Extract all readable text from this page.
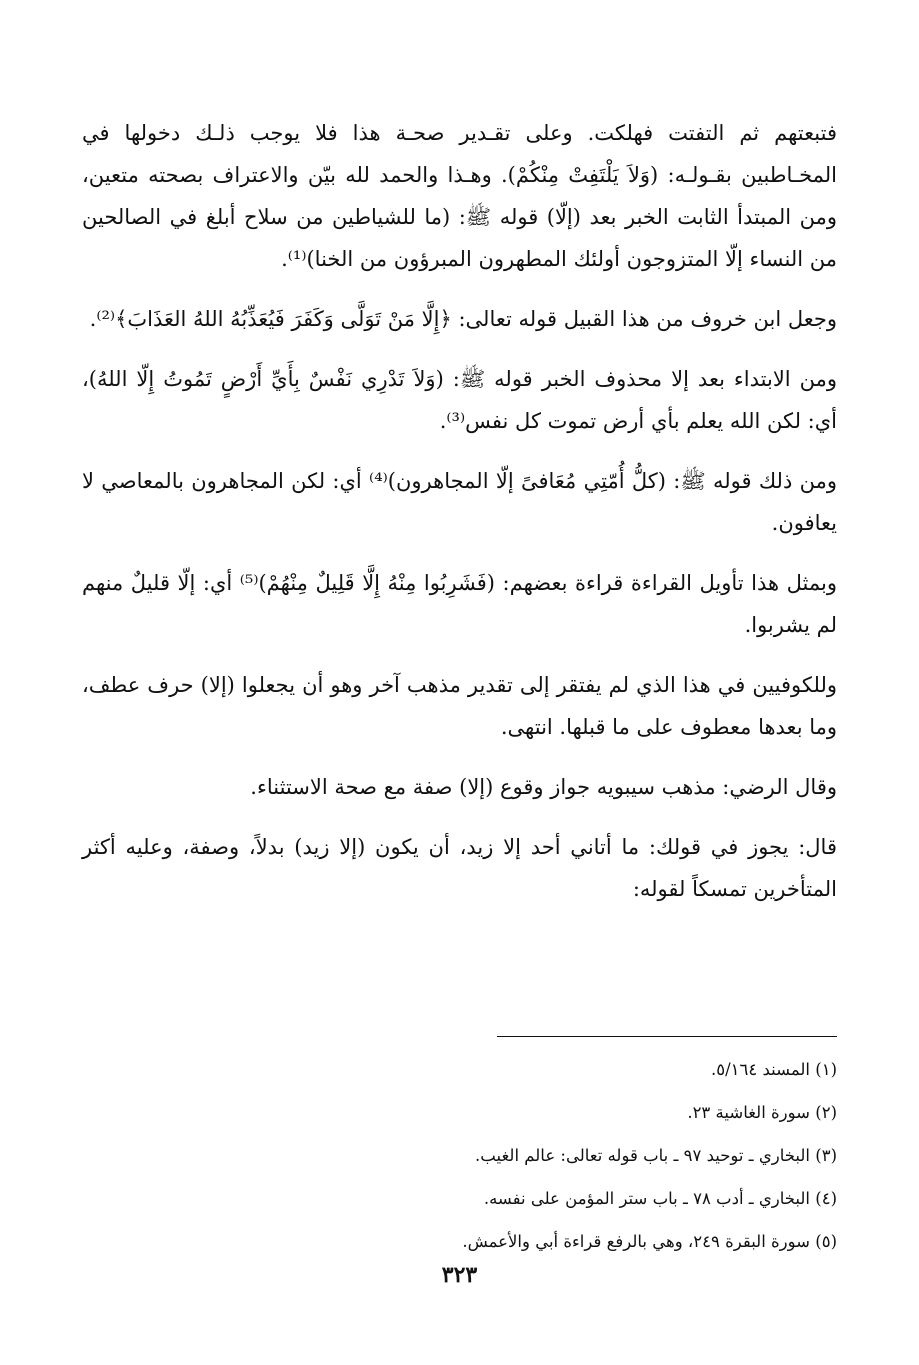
فتبعتهم ثم التفتت فهلكت. وعلى تقـدير صحـة هذا فلا يوجب ذلـك دخولها في المخـاطبين بقـولـه: (وَلاَ يَلْتَفِتْ مِنْكُمْ). وهـذا والحمد لله بيّن والاعتراف بصحته متعين، ومن المبتدأ الثابت الخبر بعد (إلّا) قوله ﷺ: (ما للشياطين من سلاح أبلغ في الصالحين من النساء إلّا المتزوجون أولئك المطهرون المبرؤون من الخنا)⁽¹⁾.

وجعل ابن خروف من هذا القبيل قوله تعالى: ﴿إِلَّا مَنْ تَوَلَّى وَكَفَرَ فَيُعَذِّبُهُ اللهُ العَذَابَ﴾⁽²⁾.

ومن الابتداء بعد إلا محذوف الخبر قوله ﷺ: (وَلاَ تَدْرِي نَفْسٌ بِأَيِّ أَرْضٍ تَمُوتُ إِلّا اللهُ)، أي: لكن الله يعلم بأي أرض تموت كل نفس⁽³⁾.

ومن ذلك قوله ﷺ: (كلُّ أُمّتِي مُعَافىً إلّا المجاهرون)⁽⁴⁾ أي: لكن المجاهرون بالمعاصي لا يعافون.

وبمثل هذا تأويل القراءة قراءة بعضهم: (فَشَرِبُوا مِنْهُ إِلَّا قَلِيلٌ مِنْهُمْ)⁽⁵⁾ أي: إلّا قليلٌ منهم لم يشربوا.

وللكوفيين في هذا الذي لم يفتقر إلى تقدير مذهب آخر وهو أن يجعلوا (إلا) حرف عطف، وما بعدها معطوف على ما قبلها. انتهى.

وقال الرضي: مذهب سيبويه جواز وقوع (إلا) صفة مع صحة الاستثناء.

قال: يجوز في قولك: ما أتاني أحد إلا زيد، أن يكون (إلا زيد) بدلاً، وصفة، وعليه أكثر المتأخرين تمسكاً لقوله:

(١) المسند ٥/١٦٤.

(٢) سورة الغاشية ٢٣.

(٣) البخاري ـ توحيد ٩٧ ـ باب قوله تعالى: عالم الغيب.

(٤) البخاري ـ أدب ٧٨ ـ باب ستر المؤمن على نفسه.

(٥) سورة البقرة ٢٤٩، وهي بالرفع قراءة أبي والأعمش.

٣٢٣
